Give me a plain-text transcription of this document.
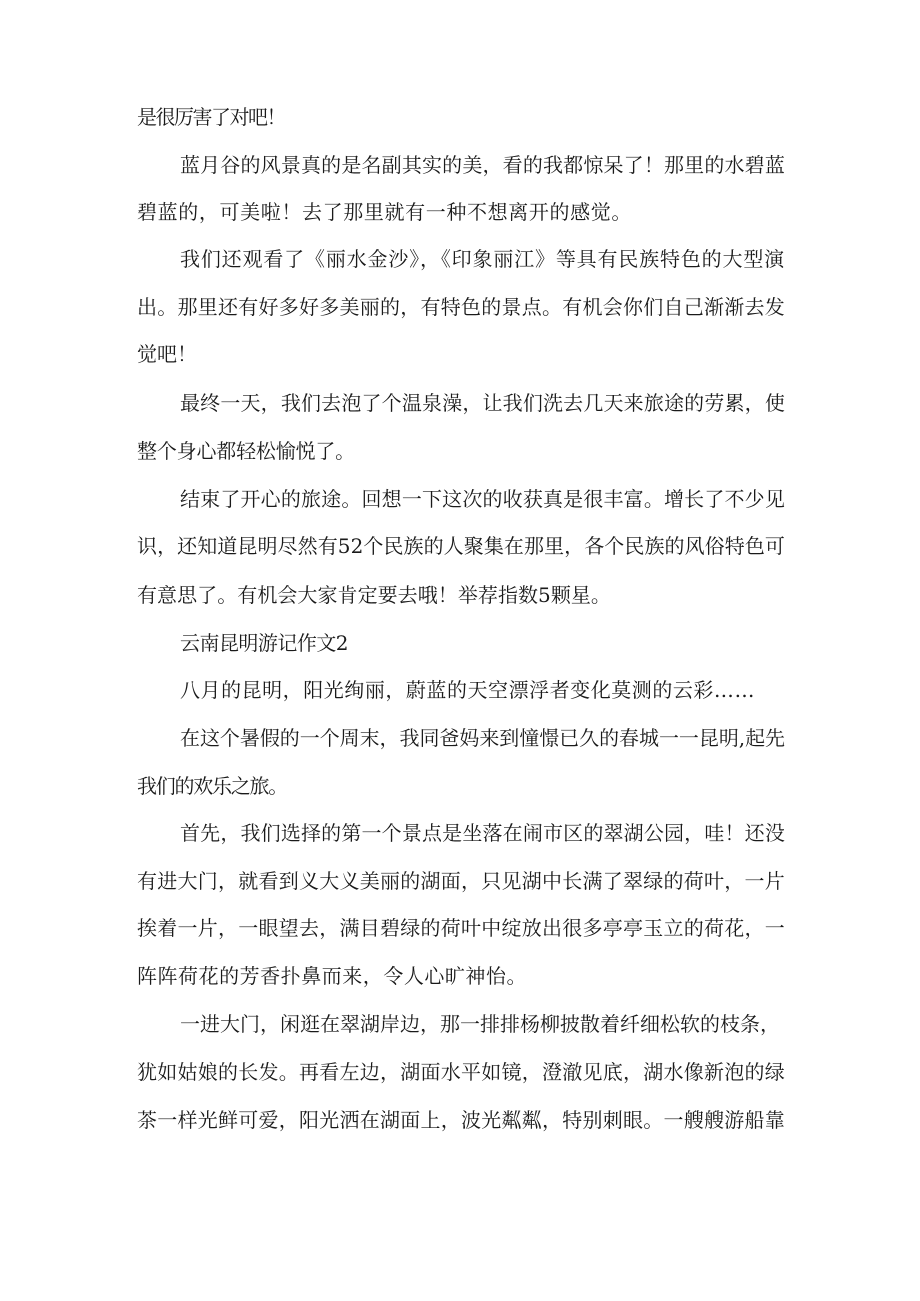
是很厉害了对吧！
蓝月谷的风景真的是名副其实的美，看的我都惊呆了！那里的水碧蓝
碧蓝的，可美啦！去了那里就有一种不想离开的感觉。
我们还观看了《丽水金沙》，《印象丽江》等具有民族特色的大型演
出。那里还有好多好多美丽的，有特色的景点。有机会你们自己渐渐去发
觉吧！
最终一天，我们去泡了个温泉澡，让我们洗去几天来旅途的劳累，使
整个身心都轻松愉悦了。
结束了开心的旅途。回想一下这次的收获真是很丰富。增长了不少见
识，还知道昆明尽然有52个民族的人聚集在那里，各个民族的风俗特色可
有意思了。有机会大家肯定要去哦！举荐指数5颗星。
云南昆明游记作文2
八月的昆明，阳光绚丽，蔚蓝的天空漂浮者变化莫测的云彩……
在这个暑假的一个周末，我同爸妈来到憧憬已久的春城一一昆明,起先
我们的欢乐之旅。
首先，我们选择的第一个景点是坐落在闹市区的翠湖公园，哇！还没
有进大门，就看到义大义美丽的湖面，只见湖中长满了翠绿的荷叶，一片
挨着一片，一眼望去，满目碧绿的荷叶中绽放出很多亭亭玉立的荷花，一
阵阵荷花的芳香扑鼻而来，令人心旷神怡。
一进大门，闲逛在翠湖岸边，那一排排杨柳披散着纤细松软的枝条，
犹如姑娘的长发。再看左边，湖面水平如镜，澄澈见底，湖水像新泡的绿
茶一样光鲜可爱，阳光洒在湖面上，波光粼粼，特别刺眼。一艘艘游船靠
